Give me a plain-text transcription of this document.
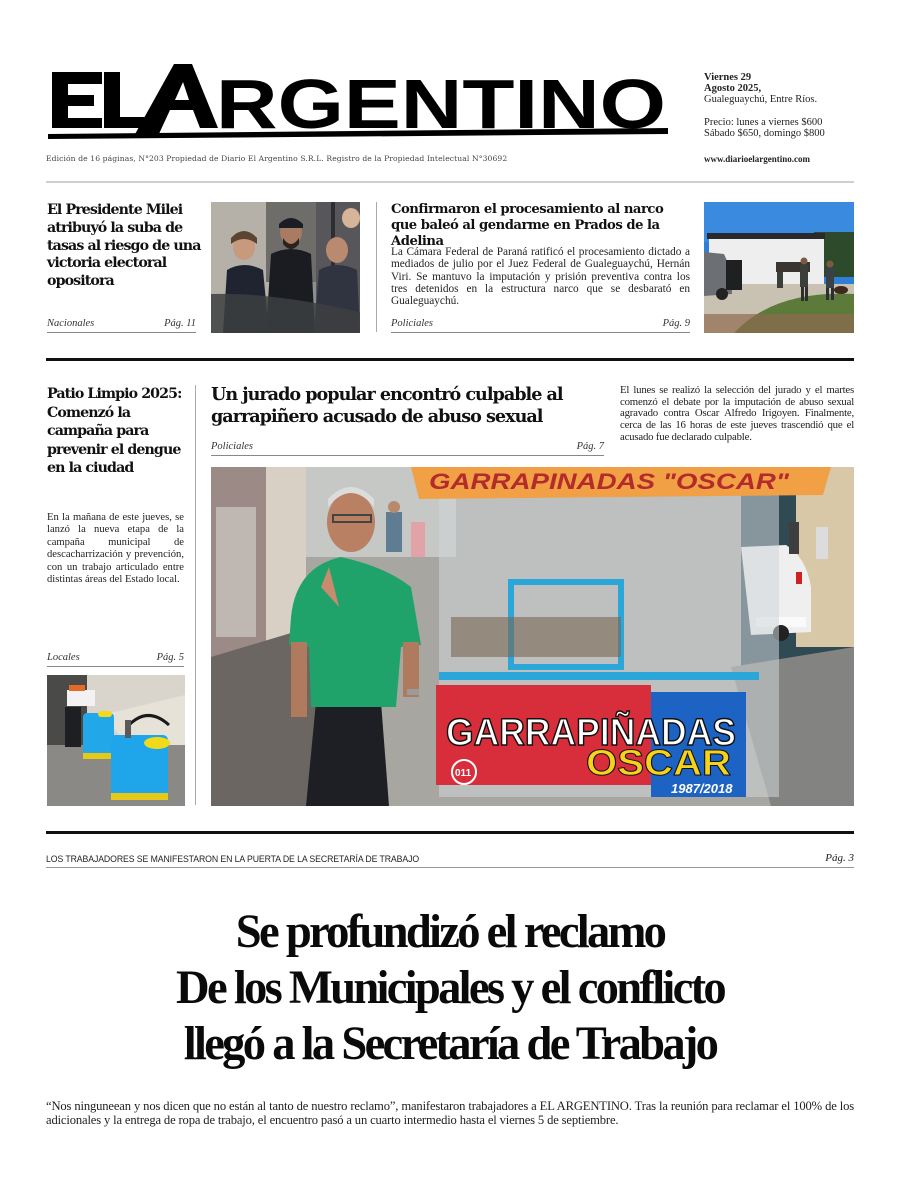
RGENTINO	Viernes 29
Agosto 2025,
Gualeguaychú, Entre Ríos.
Precio: lunes a viernes $600
Sábado $650, domingo $800
Edición de 16 páginas, N°203 Propiedad de Diario El Argentino S.R.L. Registro de la Propiedad Intelectual N°30692	www.diarioelargentino.com
El Presidente Milei atribuyó la suba de tasas al riesgo de una victoria electoral opositora
Nacionales	Pág. 11
Confirmaron el procesamiento al narco que baleó al gendarme en Prados de la Adelina
La Cámara Federal de Paraná ratificó el procesamiento dictado a mediados de julio por el Juez Federal de Gualeguaychú, Hernán Viri. Se mantuvo la imputación y prisión preventiva contra los tres detenidos en la estructura narco que se desbarató en Gualeguaychú.
Policiales	Pág. 9
Patio Limpio 2025: Comenzó la campaña para prevenir el dengue en la ciudad
En la mañana de este jueves, se lanzó la nueva etapa de la campaña municipal de descacharrización y prevención, con un trabajo articulado entre distintas áreas del Estado local.
Locales	Pág. 5
Un jurado popular encontró culpable al garrapiñero acusado de abuso sexual
Policiales	Pág. 7
El lunes se realizó la selección del jurado y el martes comenzó el debate por la imputación de abuso sexual agravado contra Oscar Alfredo Irigoyen. Finalmente, cerca de las 16 horas de este jueves trascendió que el acusado fue declarado culpable.
GARRAPINADAS "OSCAR"
GARRAPIÑADAS
OSCAR
011
1987/2018
LOS TRABAJADORES SE MANIFESTARON EN LA PUERTA DE LA SECRETARÍA DE TRABAJO	Pág. 3
Se profundizó el reclamo
De los Municipales y el conflicto
llegó a la Secretaría de Trabajo
“Nos ninguneean y nos dicen que no están al tanto de nuestro reclamo”, manifestaron trabajadores a EL ARGENTINO. Tras la reunión para reclamar el 100% de los adicionales y la entrega de ropa de trabajo, el encuentro pasó a un cuarto intermedio hasta el viernes 5 de septiembre.
